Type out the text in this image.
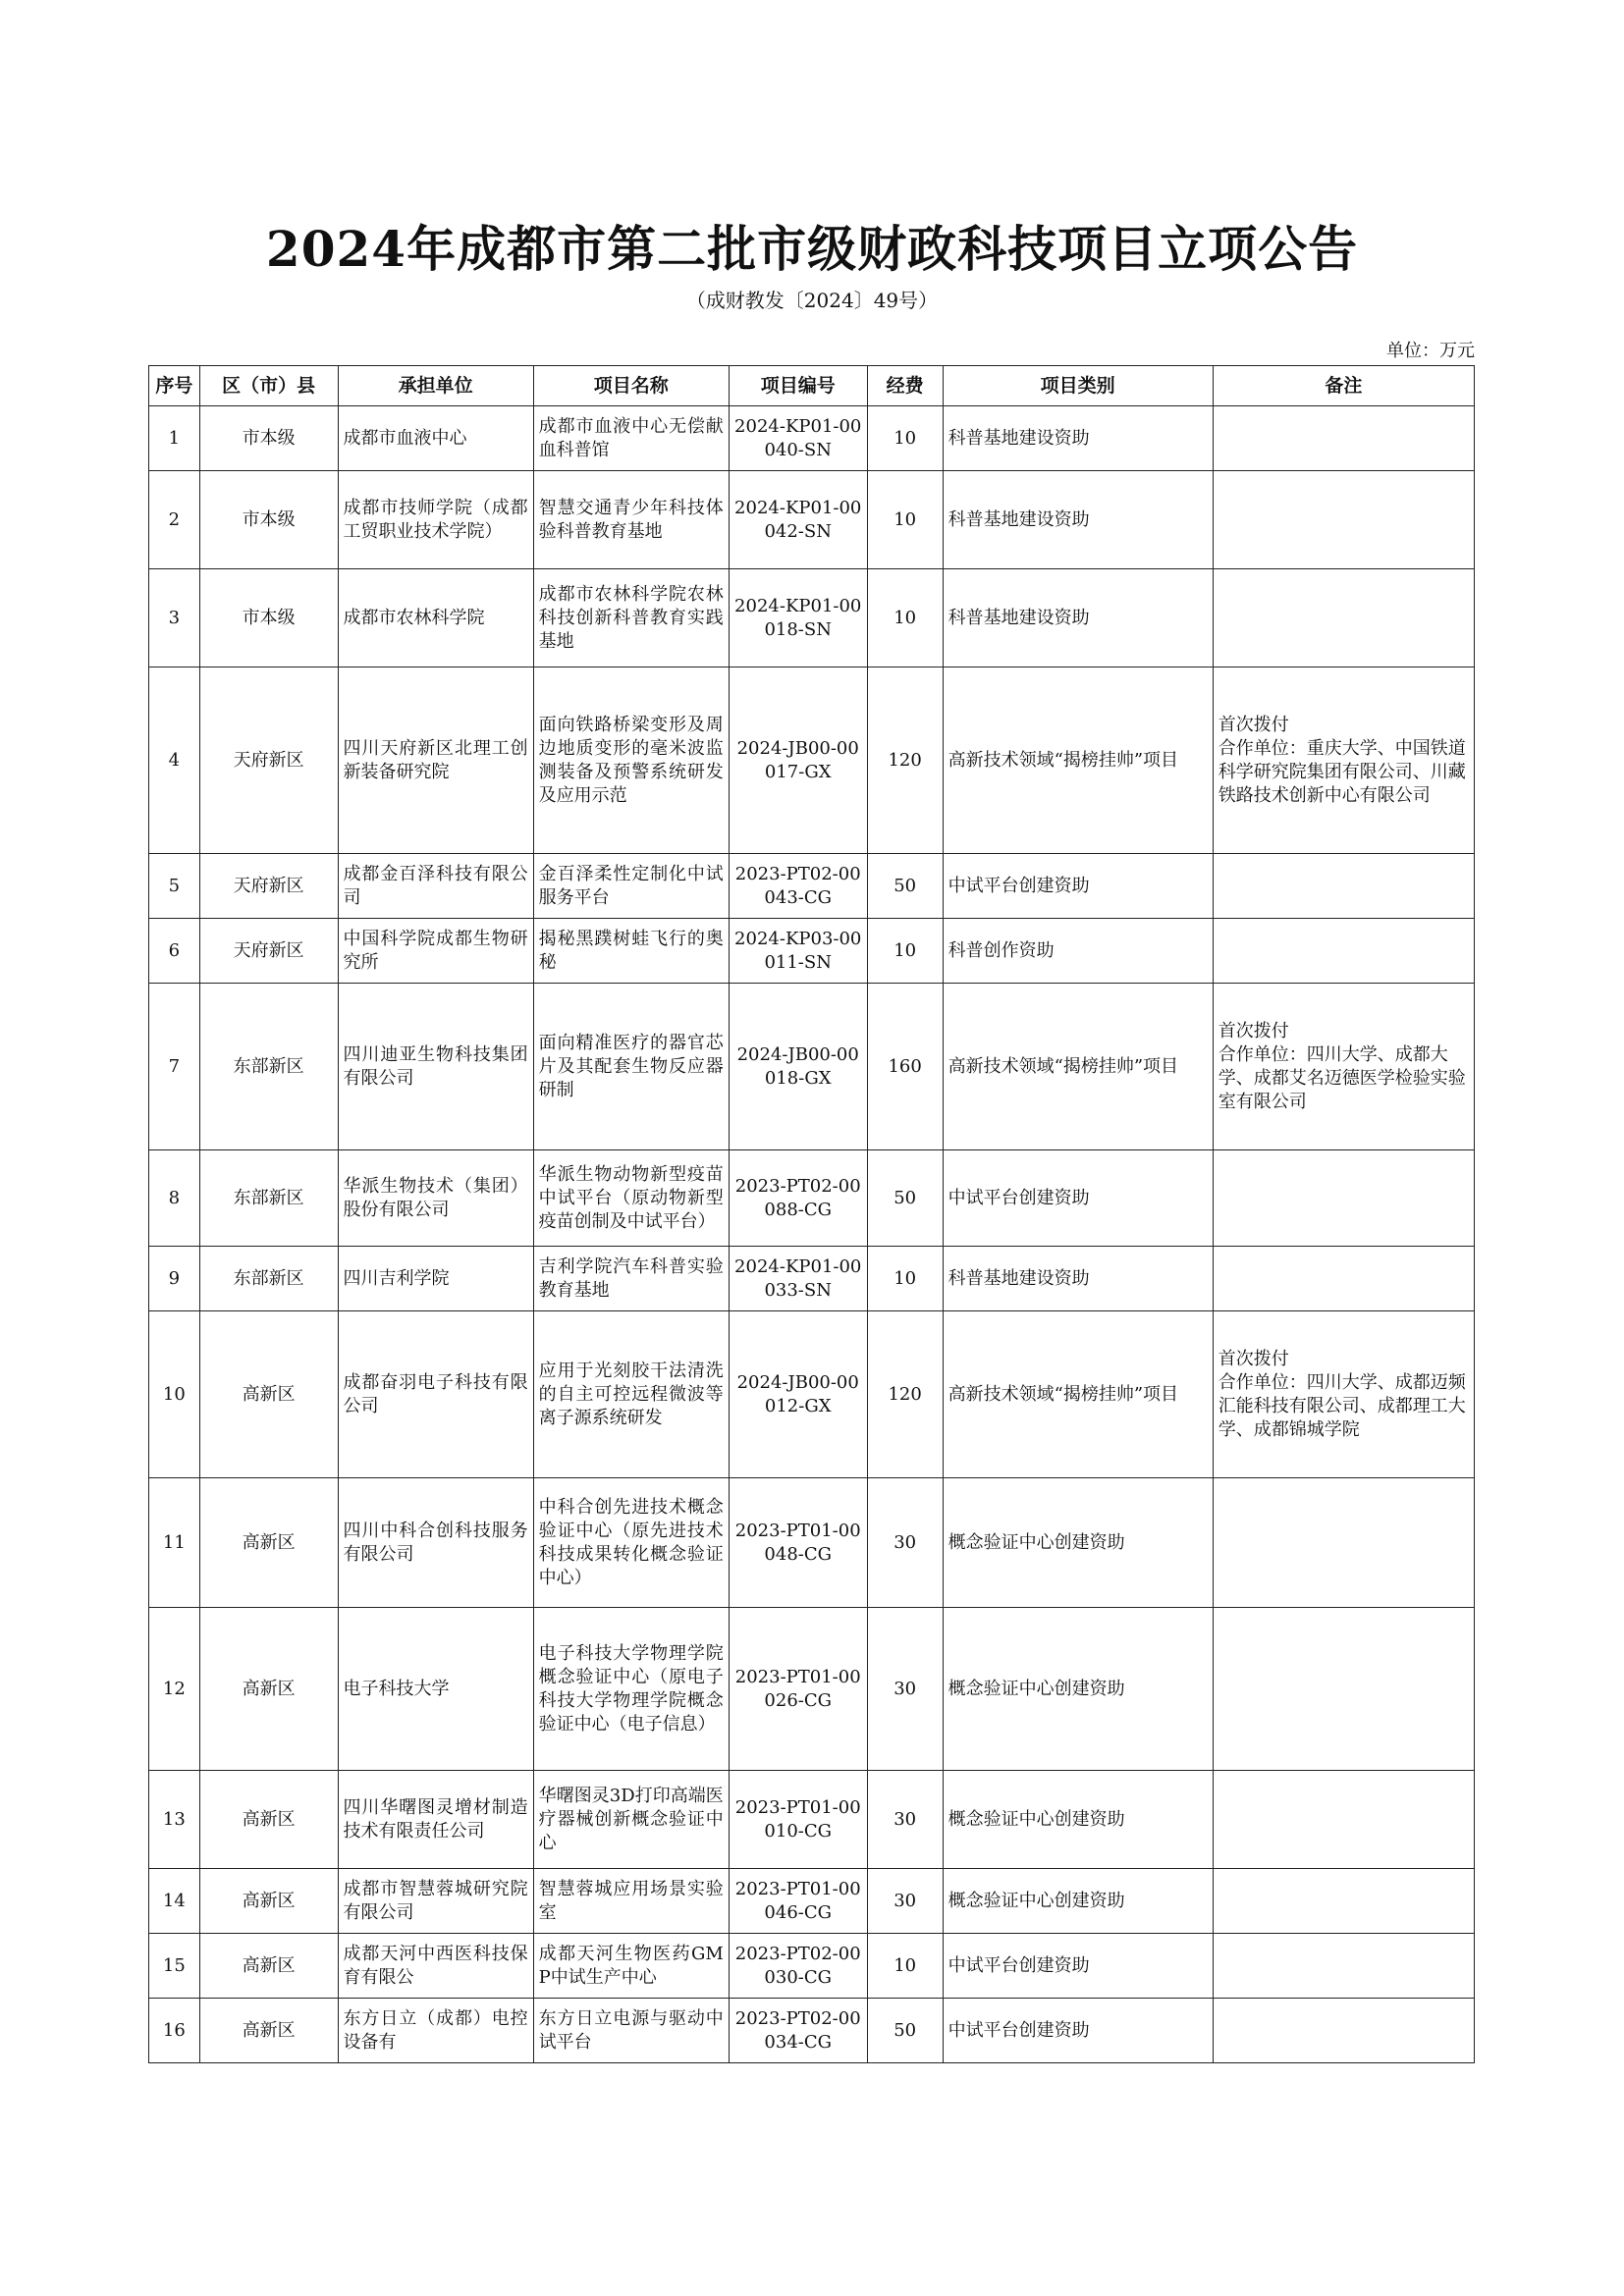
2024年成都市第二批市级财政科技项目立项公告
（成财教发〔2024〕49号）
单位：万元
序号	区（市）县	承担单位	项目名称	项目编号	经费	项目类别	备注
1	市本级	成都市血液中心	成都市血液中心无偿献血科普馆	2024-KP01-00040-SN	10	科普基地建设资助	
2	市本级	成都市技师学院（成都工贸职业技术学院）	智慧交通青少年科技体验科普教育基地	2024-KP01-00042-SN	10	科普基地建设资助	
3	市本级	成都市农林科学院	成都市农林科学院农林科技创新科普教育实践基地	2024-KP01-00018-SN	10	科普基地建设资助	
4	天府新区	四川天府新区北理工创新装备研究院	面向铁路桥梁变形及周边地质变形的毫米波监测装备及预警系统研发及应用示范	2024-JB00-00017-GX	120	高新技术领域“揭榜挂帅”项目	首次拨付
合作单位：重庆大学、中国铁道科学研究院集团有限公司、川藏铁路技术创新中心有限公司
5	天府新区	成都金百泽科技有限公司	金百泽柔性定制化中试服务平台	2023-PT02-00043-CG	50	中试平台创建资助	
6	天府新区	中国科学院成都生物研究所	揭秘黑蹼树蛙飞行的奥秘	2024-KP03-00011-SN	10	科普创作资助	
7	东部新区	四川迪亚生物科技集团有限公司	面向精准医疗的器官芯片及其配套生物反应器研制	2024-JB00-00018-GX	160	高新技术领域“揭榜挂帅”项目	首次拨付
合作单位：四川大学、成都大学、成都艾名迈德医学检验实验室有限公司
8	东部新区	华派生物技术（集团）股份有限公司	华派生物动物新型疫苗中试平台（原动物新型疫苗创制及中试平台）	2023-PT02-00088-CG	50	中试平台创建资助	
9	东部新区	四川吉利学院	吉利学院汽车科普实验教育基地	2024-KP01-00033-SN	10	科普基地建设资助	
10	高新区	成都奋羽电子科技有限公司	应用于光刻胶干法清洗的自主可控远程微波等离子源系统研发	2024-JB00-00012-GX	120	高新技术领域“揭榜挂帅”项目	首次拨付
合作单位：四川大学、成都迈频汇能科技有限公司、成都理工大学、成都锦城学院
11	高新区	四川中科合创科技服务有限公司	中科合创先进技术概念验证中心（原先进技术科技成果转化概念验证中心）	2023-PT01-00048-CG	30	概念验证中心创建资助	
12	高新区	电子科技大学	电子科技大学物理学院概念验证中心（原电子科技大学物理学院概念验证中心（电子信息）	2023-PT01-00026-CG	30	概念验证中心创建资助	
13	高新区	四川华曙图灵增材制造技术有限责任公司	华曙图灵3D打印高端医疗器械创新概念验证中心	2023-PT01-00010-CG	30	概念验证中心创建资助	
14	高新区	成都市智慧蓉城研究院有限公司	智慧蓉城应用场景实验室	2023-PT01-00046-CG	30	概念验证中心创建资助	
15	高新区	成都天河中西医科技保育有限公	成都天河生物医药GMP中试生产中心	2023-PT02-00030-CG	10	中试平台创建资助	
16	高新区	东方日立（成都）电控设备有	东方日立电源与驱动中试平台	2023-PT02-00034-CG	50	中试平台创建资助	
